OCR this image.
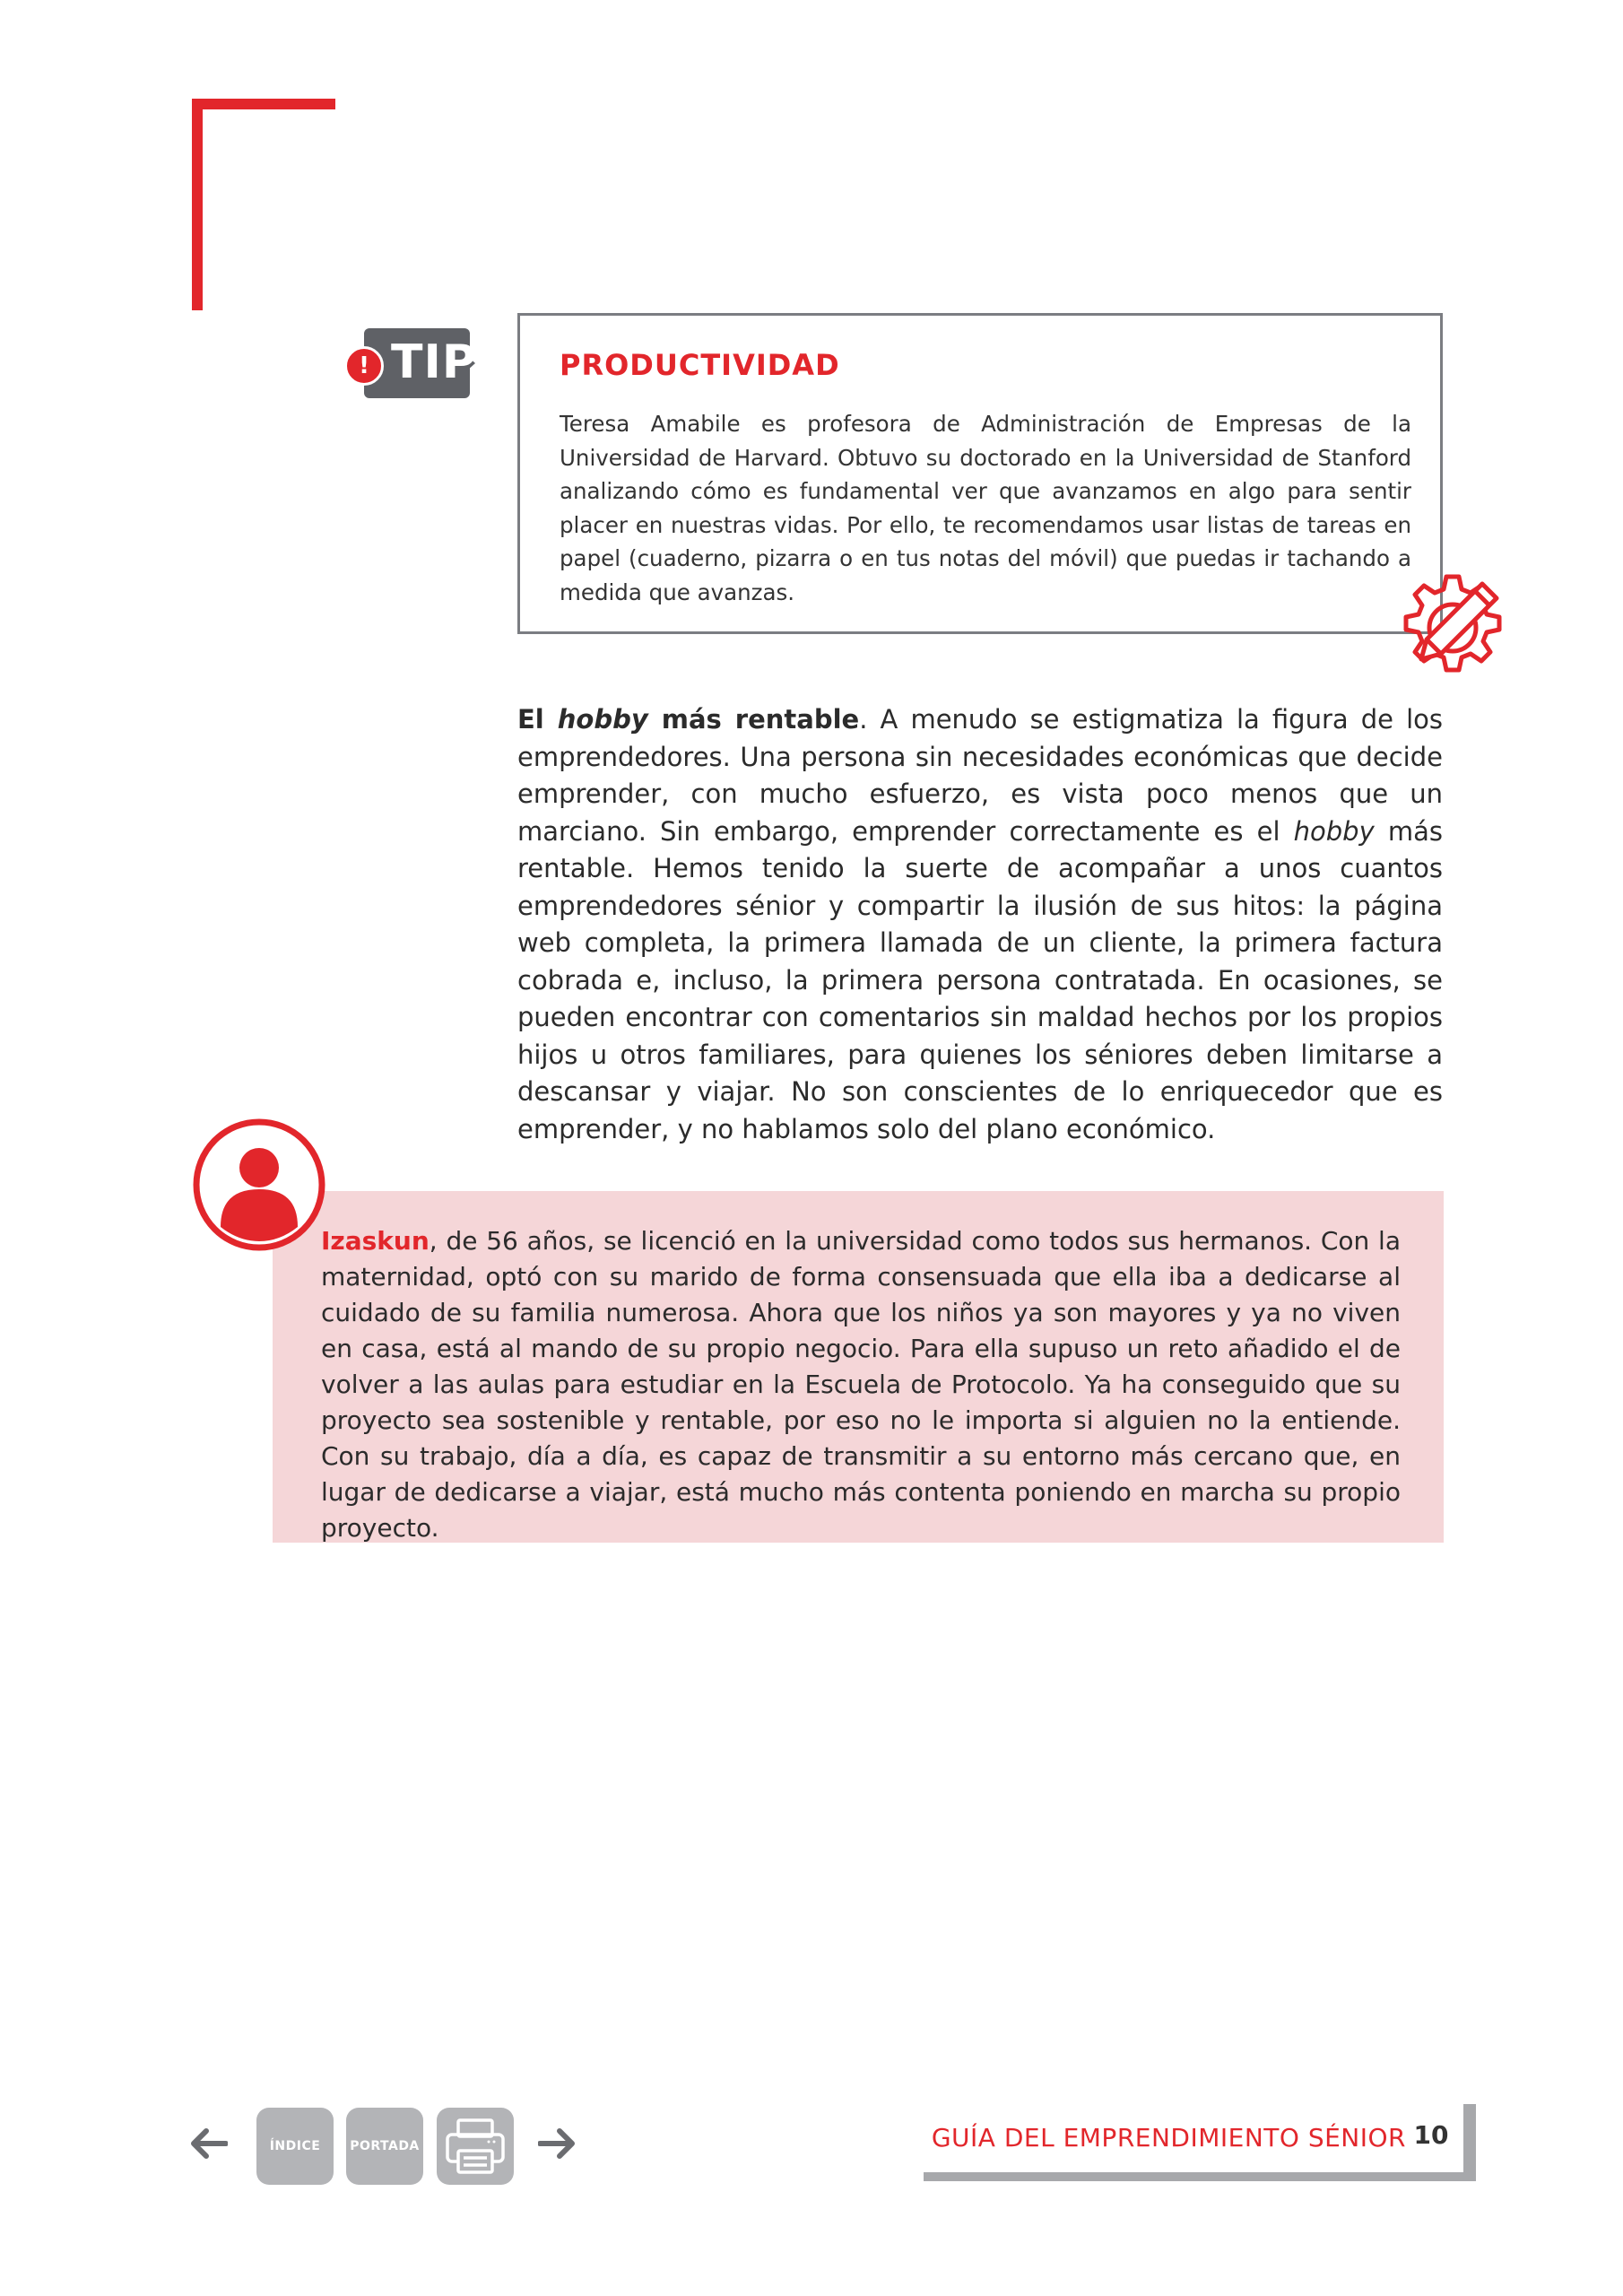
TIP
!	PRODUCTIVIDAD
Teresa Amabile es profesora de Administración de Empresas de la Universidad de Harvard. Obtuvo su doctorado en la Universidad de Stanford analizando cómo es fundamental ver que avanzamos en algo para sentir placer en nuestras vidas. Por ello, te recomendamos usar listas de tareas en papel (cuaderno, pizarra o en tus notas del móvil) que puedas ir tachando a medida que avanzas.
El hobby más rentable. A menudo se estigmatiza la figura de los emprendedores. Una persona sin necesidades económicas que decide emprender, con mucho esfuerzo, es vista poco menos que un marciano. Sin embargo, emprender correctamente es el hobby más rentable. Hemos tenido la suerte de acompañar a unos cuantos emprendedores sénior y compartir la ilusión de sus hitos: la página web completa, la primera llamada de un cliente, la primera factura cobrada e, incluso, la primera persona contratada. En ocasiones, se pueden encontrar con comentarios sin maldad hechos por los propios hijos u otros familiares, para quienes los séniores deben limitarse a descansar y viajar. No son conscientes de lo enriquecedor que es emprender, y no hablamos solo del plano económico.
Izaskun, de 56 años, se licenció en la universidad como todos sus hermanos. Con la maternidad, optó con su marido de forma consensuada que ella iba a dedicarse al cuidado de su familia numerosa. Ahora que los niños ya son mayores y ya no viven en casa, está al mando de su propio negocio. Para ella supuso un reto añadido el de volver a las aulas para estudiar en la Escuela de Protocolo. Ya ha conseguido que su proyecto sea sostenible y rentable, por eso no le importa si alguien no la entiende. Con su trabajo, día a día, es capaz de transmitir a su entorno más cercano que, en lugar de dedicarse a viajar, está mucho más contenta poniendo en marcha su propio proyecto.
ÍNDICE	PORTADA	GUÍA DEL EMPRENDIMIENTO SÉNIOR 10
